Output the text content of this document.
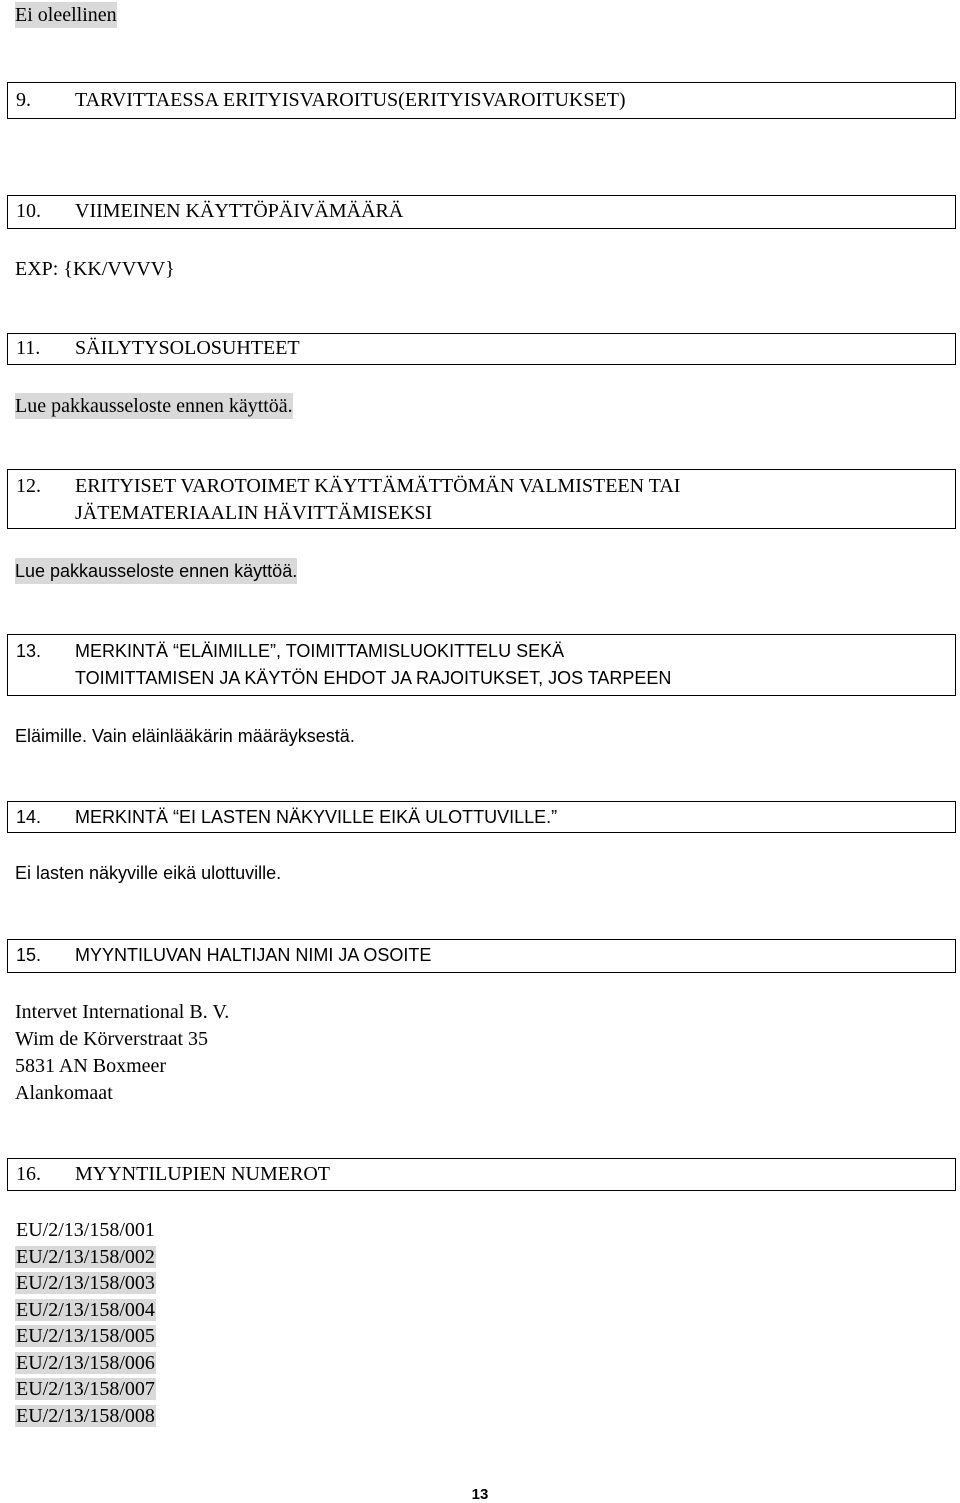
Ei oleellinen
9. TARVITTAESSA ERITYISVAROITUS(ERITYISVAROITUKSET)
10. VIIMEINEN KÄYTTÖPÄIVÄMÄÄRÄ
EXP: {KK/VVVV}
11. SÄILYTYSOLOSUHTEET
Lue pakkausseloste ennen käyttöä.
12. ERITYISET VAROTOIMET KÄYTTÄMÄTTÖMÄN VALMISTEEN TAI
JÄTEMATERIAALIN HÄVITTÄMISEKSI
Lue pakkausseloste ennen käyttöä.
13. MERKINTÄ “ELÄIMILLE”, TOIMITTAMISLUOKITTELU SEKÄ
TOIMITTAMISEN JA KÄYTÖN EHDOT JA RAJOITUKSET, JOS TARPEEN
Eläimille. Vain eläinlääkärin määräyksestä.
14. MERKINTÄ “EI LASTEN NÄKYVILLE EIKÄ ULOTTUVILLE.”
Ei lasten näkyville eikä ulottuville.
15. MYYNTILUVAN HALTIJAN NIMI JA OSOITE
Intervet International B. V.
Wim de Körverstraat 35
5831 AN Boxmeer
Alankomaat
16. MYYNTILUPIEN NUMEROT
EU/2/13/158/001
EU/2/13/158/002
EU/2/13/158/003
EU/2/13/158/004
EU/2/13/158/005
EU/2/13/158/006
EU/2/13/158/007
EU/2/13/158/008
13
